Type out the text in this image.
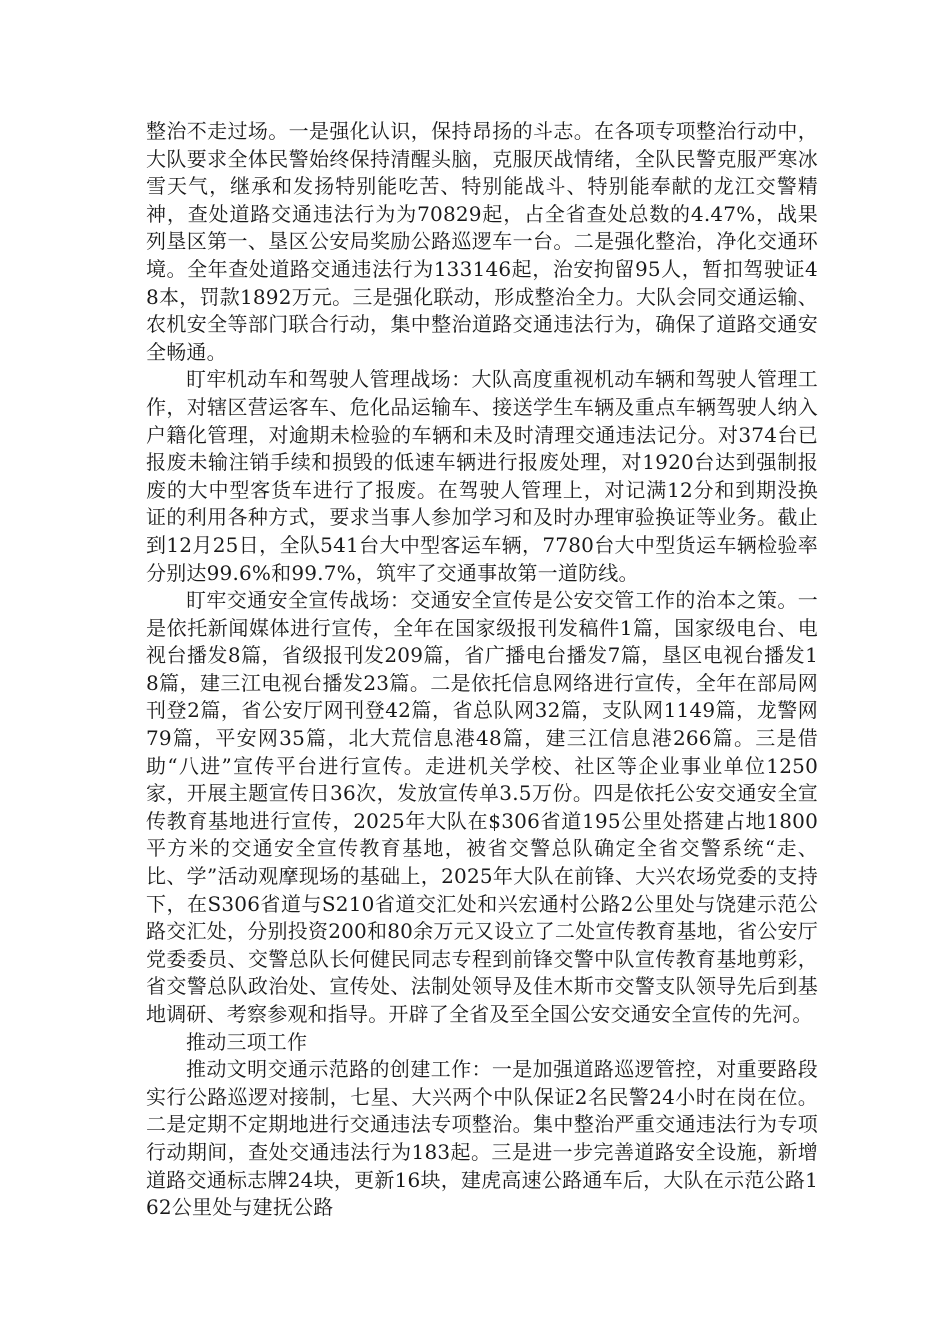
整治不走过场。一是强化认识，保持昂扬的斗志。在各项专项整治行动中，大队要求全体民警始终保持清醒头脑，克服厌战情绪，全队民警克服严寒冰雪天气，继承和发扬特别能吃苦、特别能战斗、特别能奉献的龙江交警精神，查处道路交通违法行为为70829起，占全省查处总数的4.47%，战果列垦区第一、垦区公安局奖励公路巡逻车一台。二是强化整治，净化交通环境。全年查处道路交通违法行为133146起，治安拘留95人，暂扣驾驶证48本，罚款1892万元。三是强化联动，形成整治全力。大队会同交通运输、农机安全等部门联合行动，集中整治道路交通违法行为，确保了道路交通安全畅通。

盯牢机动车和驾驶人管理战场：大队高度重视机动车辆和驾驶人管理工作，对辖区营运客车、危化品运输车、接送学生车辆及重点车辆驾驶人纳入户籍化管理，对逾期未检验的车辆和未及时清理交通违法记分。对374台已报废未输注销手续和损毁的低速车辆进行报废处理，对1920台达到强制报废的大中型客货车进行了报废。在驾驶人管理上，对记满12分和到期没换证的利用各种方式，要求当事人参加学习和及时办理审验换证等业务。截止到12月25日，全队541台大中型客运车辆，7780台大中型货运车辆检验率分别达99.6%和99.7%，筑牢了交通事故第一道防线。

盯牢交通安全宣传战场：交通安全宣传是公安交管工作的治本之策。一是依托新闻媒体进行宣传，全年在国家级报刊发稿件1篇，国家级电台、电视台播发8篇，省级报刊发209篇，省广播电台播发7篇，垦区电视台播发18篇，建三江电视台播发23篇。二是依托信息网络进行宣传，全年在部局网刊登2篇，省公安厅网刊登42篇，省总队网32篇，支队网1149篇，龙警网79篇，平安网35篇，北大荒信息港48篇，建三江信息港266篇。三是借助“八进”宣传平台进行宣传。走进机关学校、社区等企业事业单位1250家，开展主题宣传日36次，发放宣传单3.5万份。四是依托公安交通安全宣传教育基地进行宣传，2025年大队在$306省道195公里处搭建占地1800平方米的交通安全宣传教育基地，被省交警总队确定全省交警系统“走、比、学”活动观摩现场的基础上，2025年大队在前锋、大兴农场党委的支持下，在S306省道与S210省道交汇处和兴宏通村公路2公里处与饶建示范公路交汇处，分别投资200和80余万元又设立了二处宣传教育基地，省公安厅党委委员、交警总队长何健民同志专程到前锋交警中队宣传教育基地剪彩，省交警总队政治处、宣传处、法制处领导及佳木斯市交警支队领导先后到基地调研、考察参观和指导。开辟了全省及至全国公安交通安全宣传的先河。

推动三项工作

推动文明交通示范路的创建工作：一是加强道路巡逻管控，对重要路段实行公路巡逻对接制，七星、大兴两个中队保证2名民警24小时在岗在位。二是定期不定期地进行交通违法专项整治。集中整治严重交通违法行为专项行动期间，查处交通违法行为183起。三是进一步完善道路安全设施，新增道路交通标志牌24块，更新16块，建虎高速公路通车后，大队在示范公路162公里处与建抚公路
